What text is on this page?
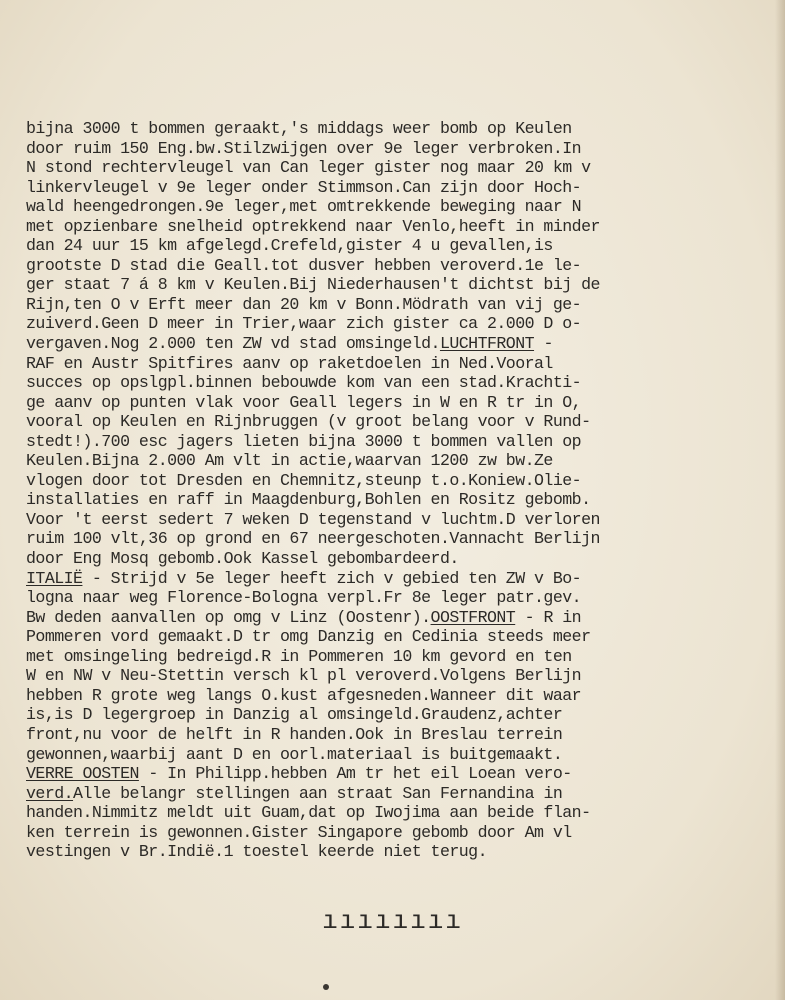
bijna 3000 t bommen geraakt,'s middags weer bomb op Keulen
door ruim 150 Eng.bw.Stilzwijgen over 9e leger verbroken.In
N stond rechtervleugel van Can leger gister nog maar 20 km v
linkervleugel v 9e leger onder Stimmson.Can zijn door Hoch-
wald heengedrongen.9e leger,met omtrekkende beweging naar N
met opzienbare snelheid optrekkend naar Venlo,heeft in minder
dan 24 uur 15 km afgelegd.Crefeld,gister 4 u gevallen,is
grootste D stad die Geall.tot dusver hebben veroverd.1e le-
ger staat 7 á 8 km v Keulen.Bij Niederhausen't dichtst bij de
Rijn,ten O v Erft meer dan 20 km v Bonn.Mödrath van vij ge-
zuiverd.Geen D meer in Trier,waar zich gister ca 2.000 D o-
vergaven.Nog 2.000 ten ZW vd stad omsingeld.LUCHTFRONT -
RAF en Austr Spitfires aanv op raketdoelen in Ned.Vooral
succes op opslgpl.binnen bebouwde kom van een stad.Krachti-
ge aanv op punten vlak voor Geall legers in W en R tr in O,
vooral op Keulen en Rijnbruggen (v groot belang voor v Rund-
stedt!).700 esc jagers lieten bijna 3000 t bommen vallen op
Keulen.Bijna 2.000 Am vlt in actie,waarvan 1200 zw bw.Ze
vlogen door tot Dresden en Chemnitz,steunp t.o.Koniew.Olie-
installaties en raff in Maagdenburg,Bohlen en Rositz gebomb.
Voor 't eerst sedert 7 weken D tegenstand v luchtm.D verloren
ruim 100 vlt,36 op grond en 67 neergeschoten.Vannacht Berlijn
door Eng Mosq gebomb.Ook Kassel gebombardeerd.
ITALIË - Strijd v 5e leger heeft zich v gebied ten ZW v Bo-
logna naar weg Florence-Bologna verpl.Fr 8e leger patr.gev.
Bw deden aanvallen op omg v Linz (Oostenr).OOSTFRONT - R in
Pommeren vord gemaakt.D tr omg Danzig en Cedinia steeds meer
met omsingeling bedreigd.R in Pommeren 10 km gevord en ten
W en NW v Neu-Stettin versch kl pl veroverd.Volgens Berlijn
hebben R grote weg langs O.kust afgesneden.Wanneer dit waar
is,is D legergroep in Danzig al omsingeld.Graudenz,achter
front,nu voor de helft in R handen.Ook in Breslau terrein
gewonnen,waarbij aant D en oorl.materiaal is buitgemaakt.
VERRE OOSTEN - In Philipp.hebben Am tr het eil Loean vero-
verd.Alle belangr stellingen aan straat San Fernandina in
handen.Nimmitz meldt uit Guam,dat op Iwojima aan beide flan-
ken terrein is gewonnen.Gister Singapore gebomb door Am vl
vestingen v Br.Indië.1 toestel keerde niet terug.
ıııııııı
